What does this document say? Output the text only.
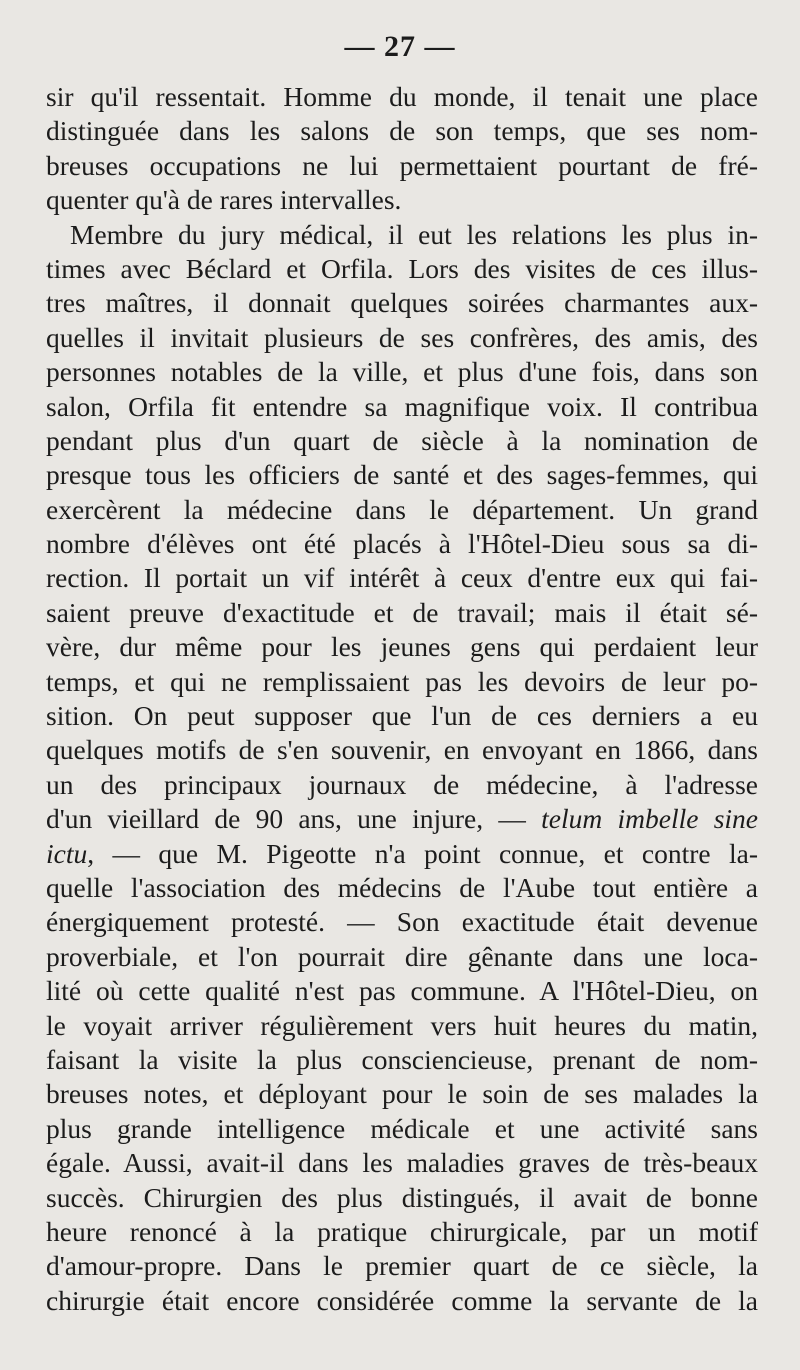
— 27 —
sir qu'il ressentait. Homme du monde, il tenait une place
distinguée dans les salons de son temps, que ses nom-
breuses occupations ne lui permettaient pourtant de fré-
quenter qu'à de rares intervalles.
Membre du jury médical, il eut les relations les plus in-
times avec Béclard et Orfila. Lors des visites de ces illus-
tres maîtres, il donnait quelques soirées charmantes aux-
quelles il invitait plusieurs de ses confrères, des amis, des
personnes notables de la ville, et plus d'une fois, dans son
salon, Orfila fit entendre sa magnifique voix. Il contribua
pendant plus d'un quart de siècle à la nomination de
presque tous les officiers de santé et des sages-femmes, qui
exercèrent la médecine dans le département. Un grand
nombre d'élèves ont été placés à l'Hôtel-Dieu sous sa di-
rection. Il portait un vif intérêt à ceux d'entre eux qui fai-
saient preuve d'exactitude et de travail; mais il était sé-
vère, dur même pour les jeunes gens qui perdaient leur
temps, et qui ne remplissaient pas les devoirs de leur po-
sition. On peut supposer que l'un de ces derniers a eu
quelques motifs de s'en souvenir, en envoyant en 1866, dans
un des principaux journaux de médecine, à l'adresse
d'un vieillard de 90 ans, une injure, — telum imbelle sine
ictu, — que M. Pigeotte n'a point connue, et contre la-
quelle l'association des médecins de l'Aube tout entière a
énergiquement protesté. — Son exactitude était devenue
proverbiale, et l'on pourrait dire gênante dans une loca-
lité où cette qualité n'est pas commune. A l'Hôtel-Dieu, on
le voyait arriver régulièrement vers huit heures du matin,
faisant la visite la plus consciencieuse, prenant de nom-
breuses notes, et déployant pour le soin de ses malades la
plus grande intelligence médicale et une activité sans
égale. Aussi, avait-il dans les maladies graves de très-beaux
succès. Chirurgien des plus distingués, il avait de bonne
heure renoncé à la pratique chirurgicale, par un motif
d'amour-propre. Dans le premier quart de ce siècle, la
chirurgie était encore considérée comme la servante de la
